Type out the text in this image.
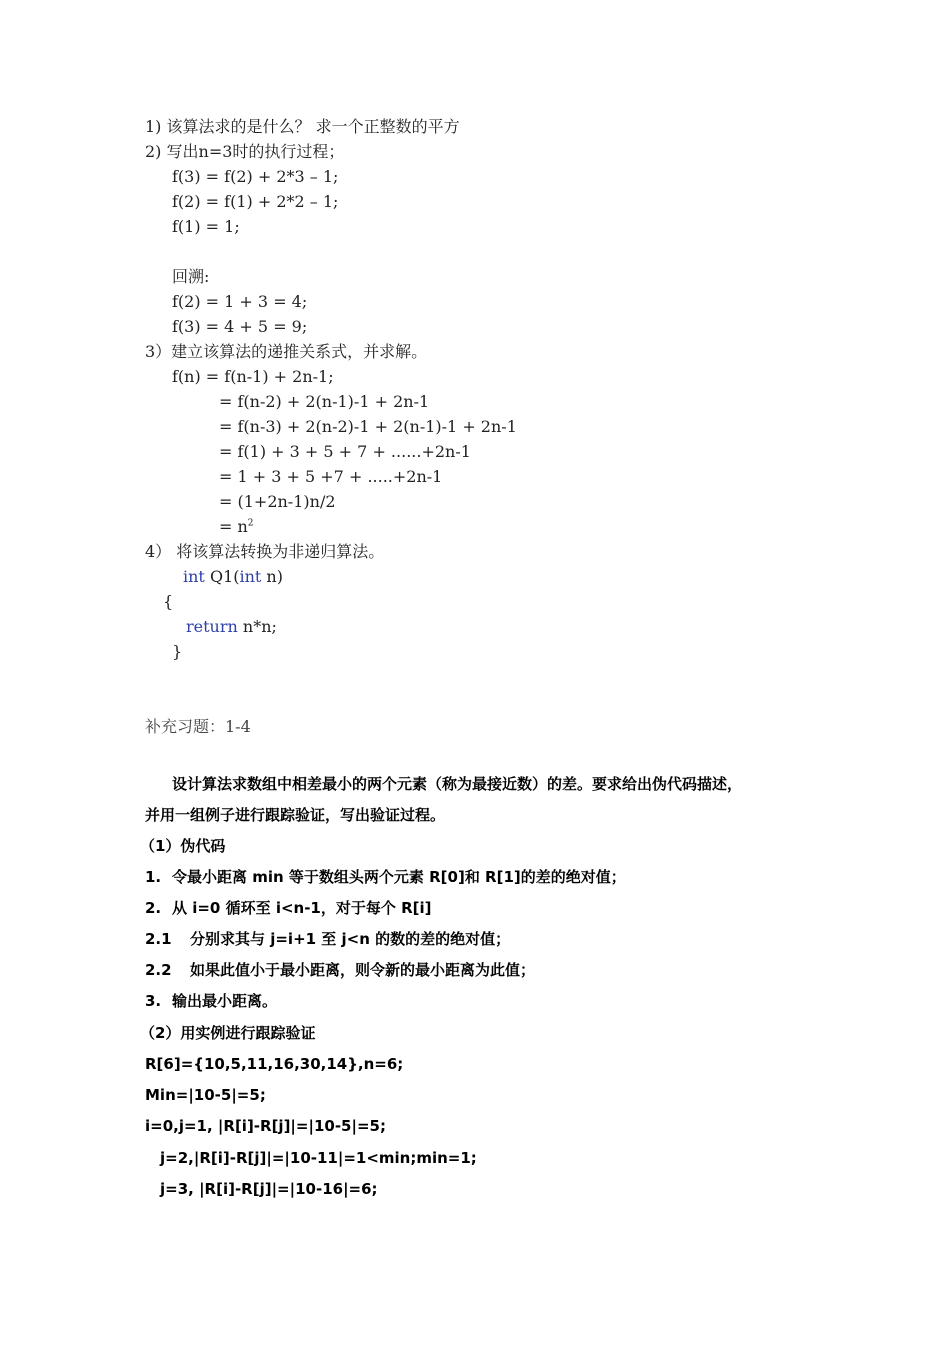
1) 该算法求的是什么？ 求一个正整数的平方
2) 写出n=3时的执行过程；
f(3) = f(2) + 2*3 – 1;
f(2) = f(1) + 2*2 – 1;
f(1) = 1;
回溯:
f(2) = 1 + 3 = 4;
f(3) = 4 + 5 = 9;
3）建立该算法的递推关系式，并求解。
f(n) = f(n-1) + 2n-1;
= f(n-2) + 2(n-1)-1 + 2n-1
= f(n-3) + 2(n-2)-1 + 2(n-1)-1 + 2n-1
= f(1) + 3 + 5 + 7 + ......+2n-1
= 1 + 3 + 5 +7 + .....+2n-1
= (1+2n-1)n/2
= $n^2$
4） 将该算法转换为非递归算法。
int Q1(int n)
{
return n*n;
}
补充习题：1-4
设计算法求数组中相差最小的两个元素（称为最接近数）的差。要求给出伪代码描述，
并用一组例子进行跟踪验证，写出验证过程。
（1）伪代码
1. 令最小距离 min 等于数组头两个元素 R[0]和 R[1]的差的绝对值；
2. 从 i=0 循环至 i<n-1，对于每个 R[i]
2.1 分别求其与 j=i+1 至 j<n 的数的差的绝对值；
2.2 如果此值小于最小距离，则令新的最小距离为此值；
3. 输出最小距离。
（2）用实例进行跟踪验证
R[6]={10,5,11,16,30,14},n=6;
Min=|10-5|=5;
i=0,j=1, |R[i]-R[j]|=|10-5|=5;
j=2,|R[i]-R[j]|=|10-11|=1<min;min=1;
j=3, |R[i]-R[j]|=|10-16|=6;
